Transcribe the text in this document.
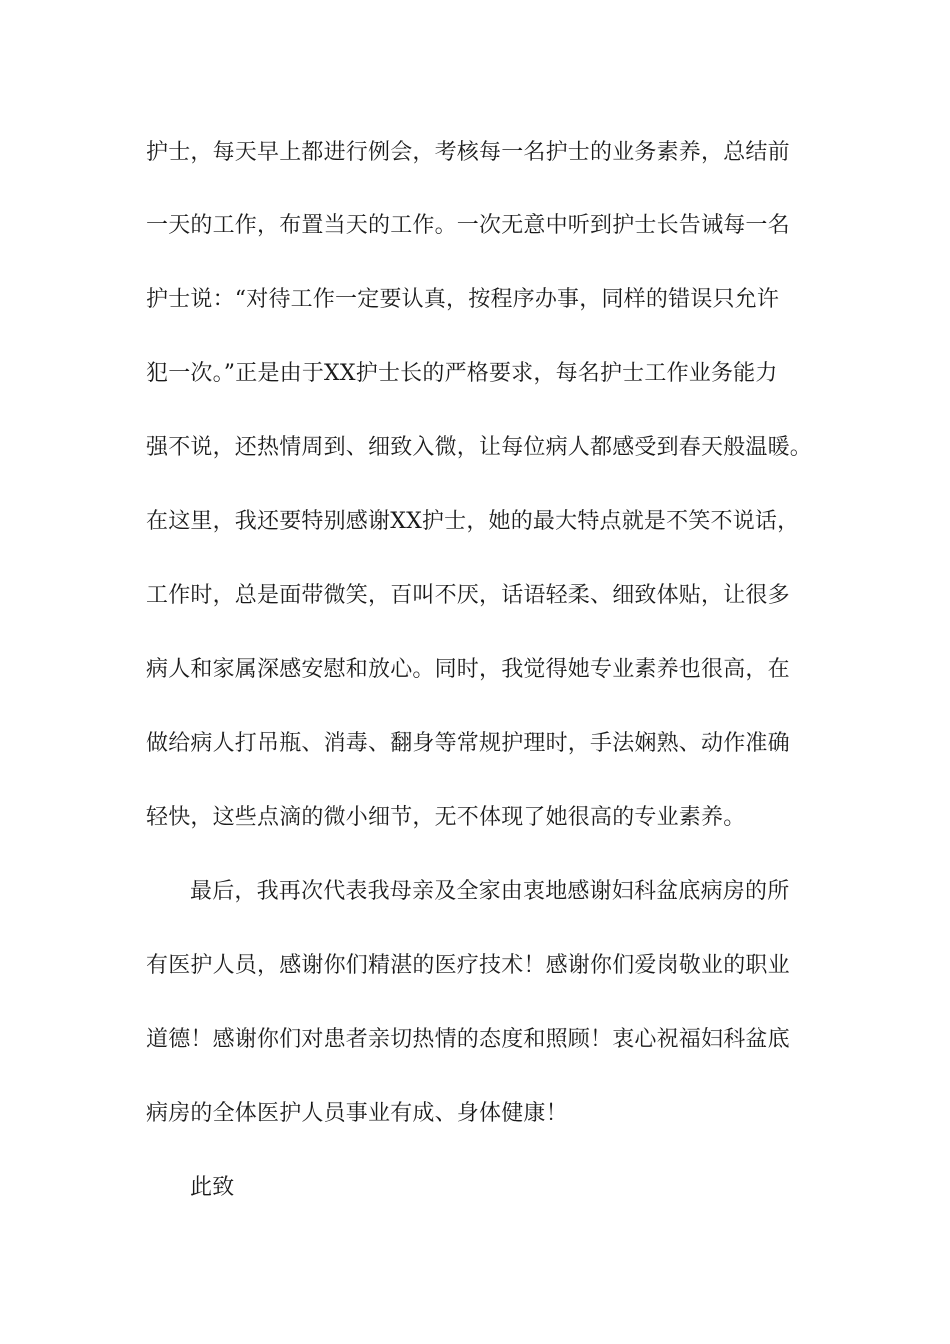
护士，每天早上都进行例会，考核每一名护士的业务素养，总结前
一天的工作，布置当天的工作。一次无意中听到护士长告诫每一名
护士说：“对待工作一定要认真，按程序办事，同样的错误只允许
犯一次。”正是由于XX护士长的严格要求，每名护士工作业务能力
强不说，还热情周到、细致入微，让每位病人都感受到春天般温暖。
在这里，我还要特别感谢XX护士，她的最大特点就是不笑不说话，
工作时，总是面带微笑，百叫不厌，话语轻柔、细致体贴，让很多
病人和家属深感安慰和放心。同时，我觉得她专业素养也很高，在
做给病人打吊瓶、消毒、翻身等常规护理时，手法娴熟、动作准确
轻快，这些点滴的微小细节，无不体现了她很高的专业素养。
最后，我再次代表我母亲及全家由衷地感谢妇科盆底病房的所
有医护人员，感谢你们精湛的医疗技术！感谢你们爱岗敬业的职业
道德！感谢你们对患者亲切热情的态度和照顾！衷心祝福妇科盆底
病房的全体医护人员事业有成、身体健康！
此致
